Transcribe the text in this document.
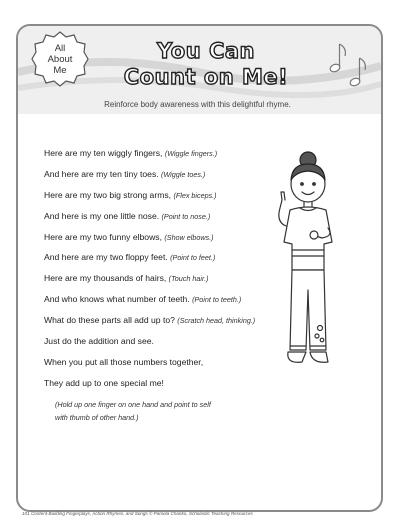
All
About
Me
You Can
Count on Me!
Reinforce body awareness with this delightful rhyme.
Here are my ten wiggly fingers, (Wiggle fingers.)
And here are my ten tiny toes. (Wiggle toes.)
Here are my two big strong arms, (Flex biceps.)
And here is my one little nose. (Point to nose.)
Here are my two funny elbows, (Show elbows.)
And here are my two floppy feet. (Point to feet.)
Here are my thousands of hairs, (Touch hair.)
And who knows what number of teeth. (Point to teeth.)
What do these parts all add up to? (Scratch head, thinking.)
Just do the addition and see.
When you put all those numbers together,
They add up to one special me!
(Hold up one finger on one hand and point to self
with thumb of other hand.)
101 Content-Building Fingerplays, Action Rhymes, and Songs © Pamela Chanko, Scholastic Teaching Resources
